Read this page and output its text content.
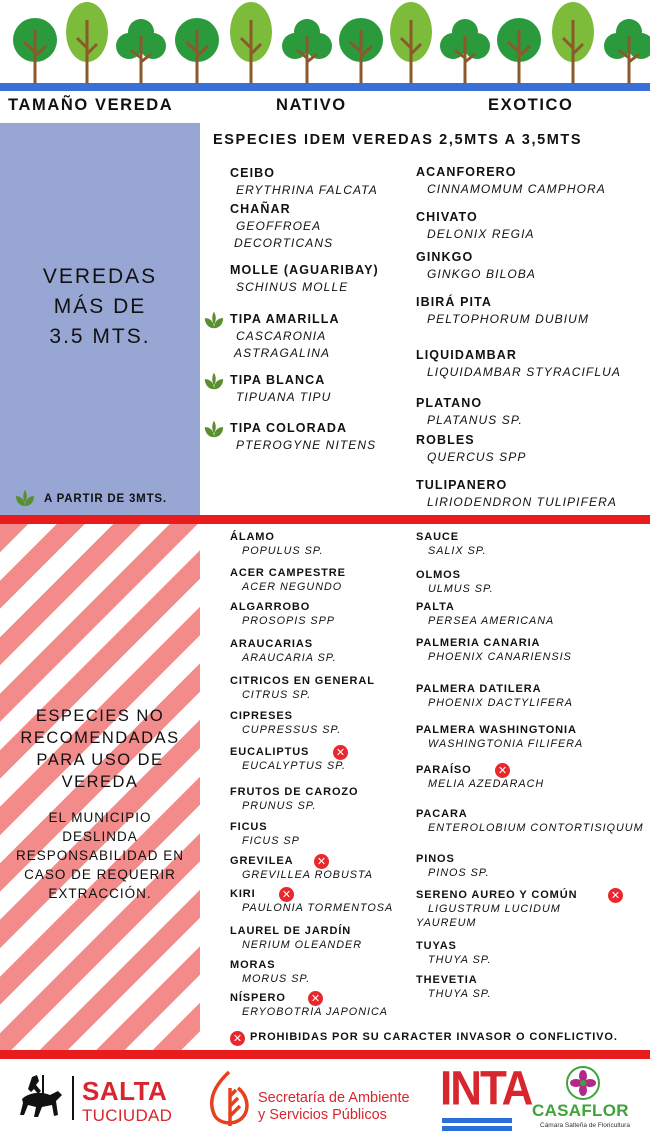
TAMAÑO VEREDA	NATIVO	EXOTICO
VEREDAS
MÁS DE
3.5 MTS.
A PARTIR DE 3MTS.
ESPECIES IDEM VEREDAS 2,5MTS A 3,5MTS
CEIBO
ERYTHRINA FALCATA
CHAÑAR
GEOFFROEA
DECORTICANS
MOLLE (AGUARIBAY)
SCHINUS MOLLE
TIPA AMARILLA
CASCARONIA
ASTRAGALINA
TIPA BLANCA
TIPUANA TIPU
TIPA COLORADA
PTEROGYNE NITENS
ACANFORERO
CINNAMOMUM CAMPHORA
CHIVATO
DELONIX REGIA
GINKGO
GINKGO BILOBA
IBIRÁ PITA
PELTOPHORUM DUBIUM
LIQUIDAMBAR
LIQUIDAMBAR STYRACIFLUA
PLATANO
PLATANUS SP.
ROBLES
QUERCUS SPP
TULIPANERO
LIRIODENDRON TULIPIFERA
ESPECIES NO
RECOMENDADAS
PARA USO DE
VEREDA
EL MUNICIPIO
DESLINDA
RESPONSABILIDAD EN
CASO DE REQUERIR
EXTRACCIÓN.
ÁLAMO
POPULUS SP.
ACER CAMPESTRE
ACER NEGUNDO
ALGARROBO
PROSOPIS SPP
ARAUCARIAS
ARAUCARIA SP.
CITRICOS EN GENERAL
CITRUS SP.
CIPRESES
CUPRESSUS SP.
EUCALIPTUS
EUCALYPTUS SP.
✕
FRUTOS DE CAROZO
PRUNUS SP.
FICUS
FICUS SP
GREVILEA
GREVILLEA ROBUSTA
✕
KIRI
PAULONIA TORMENTOSA
✕
LAUREL DE JARDÍN
NERIUM OLEANDER
MORAS
MORUS SP.
NÍSPERO
ERYOBOTRIA JAPONICA
✕
SAUCE
SALIX SP.
OLMOS
ULMUS SP.
PALTA
PERSEA AMERICANA
PALMERIA CANARIA
PHOENIX CANARIENSIS
PALMERA DATILERA
PHOENIX DACTYLIFERA
PALMERA WASHINGTONIA
WASHINGTONIA FILIFERA
PARAÍSO
MELIA AZEDARACH
✕
PACARA
ENTEROLOBIUM CONTORTISIQUUM
PINOS
PINOS SP.
SERENO AUREO Y COMÚN
LIGUSTRUM LUCIDUM
YAUREUM
✕
TUYAS
THUYA SP.
THEVETIA
THUYA SP.
✕ PROHIBIDAS POR SU CARACTER INVASOR O CONFLICTIVO.
SALTA
TUCIUDAD
Secretaría de Ambiente
y Servicios Públicos	INTA CASAFLOR
Cámara Salteña de Floricultura
